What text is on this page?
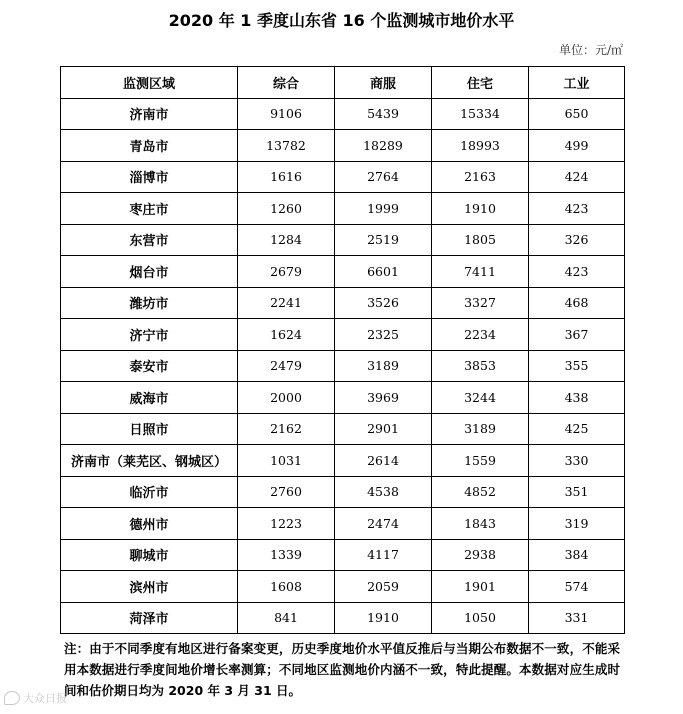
2020 年 1 季度山东省 16 个监测城市地价水平
单位：元/㎡
监测区域	综合	商服	住宅	工业
济南市	9106	5439	15334	650
青岛市	13782	18289	18993	499
淄博市	1616	2764	2163	424
枣庄市	1260	1999	1910	423
东营市	1284	2519	1805	326
烟台市	2679	6601	7411	423
潍坊市	2241	3526	3327	468
济宁市	1624	2325	2234	367
泰安市	2479	3189	3853	355
威海市	2000	3969	3244	438
日照市	2162	2901	3189	425
济南市（莱芜区、钢城区）	1031	2614	1559	330
临沂市	2760	4538	4852	351
德州市	1223	2474	1843	319
聊城市	1339	4117	2938	384
滨州市	1608	2059	1901	574
菏泽市	841	1910	1050	331
注：由于不同季度有地区进行备案变更，历史季度地价水平值反推后与当期公布数据不一致，不能采用本数据进行季度间地价增长率测算；不同地区监测地价内涵不一致，特此提醒。本数据对应生成时间和估价期日均为 2020 年 3 月 31 日。
大众日报
